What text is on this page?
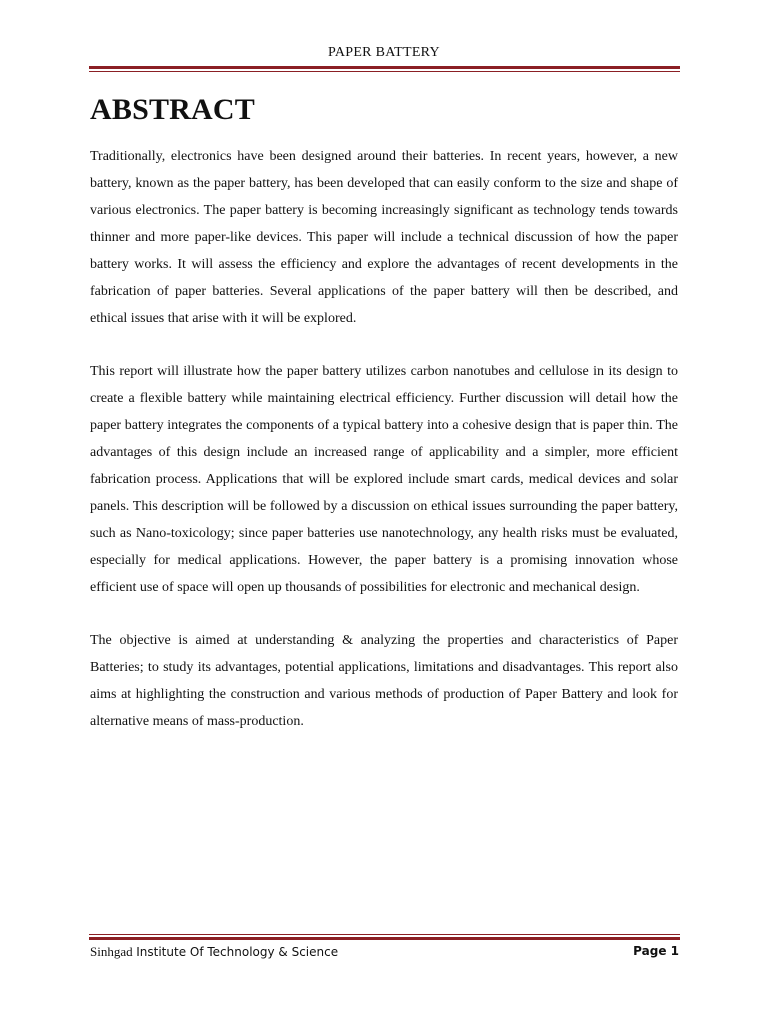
PAPER BATTERY
ABSTRACT

Traditionally, electronics have been designed around their batteries. In recent years, however, a new battery, known as the paper battery, has been developed that can easily conform to the size and shape of various electronics. The paper battery is becoming increasingly significant as technology tends towards thinner and more paper-like devices. This paper will include a technical discussion of how the paper battery works. It will assess the efficiency and explore the advantages of recent developments in the fabrication of paper batteries. Several applications of the paper battery will then be described, and ethical issues that arise with it will be explored.

This report will illustrate how the paper battery utilizes carbon nanotubes and cellulose in its design to create a flexible battery while maintaining electrical efficiency. Further discussion will detail how the paper battery integrates the components of a typical battery into a cohesive design that is paper thin. The advantages of this design include an increased range of applicability and a simpler, more efficient fabrication process. Applications that will be explored include smart cards, medical devices and solar panels. This description will be followed by a discussion on ethical issues surrounding the paper battery, such as Nano-toxicology; since paper batteries use nanotechnology, any health risks must be evaluated, especially for medical applications. However, the paper battery is a promising innovation whose efficient use of space will open up thousands of possibilities for electronic and mechanical design.

The objective is aimed at understanding & analyzing the properties and characteristics of Paper Batteries; to study its advantages, potential applications, limitations and disadvantages. This report also aims at highlighting the construction and various methods of production of Paper Battery and look for alternative means of mass-production.

Sinhgad Institute Of Technology & Science	Page 1
